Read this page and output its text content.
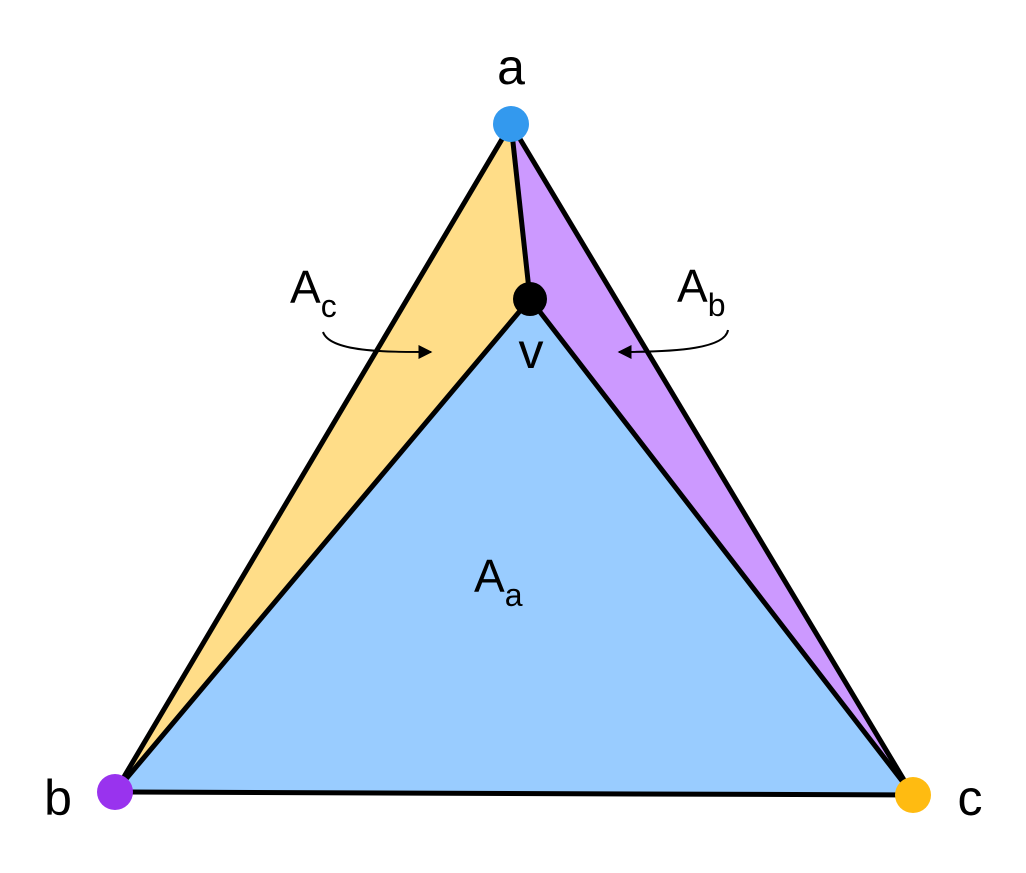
a
b	c
v
$A_c$	$A_b$
$A_a$
